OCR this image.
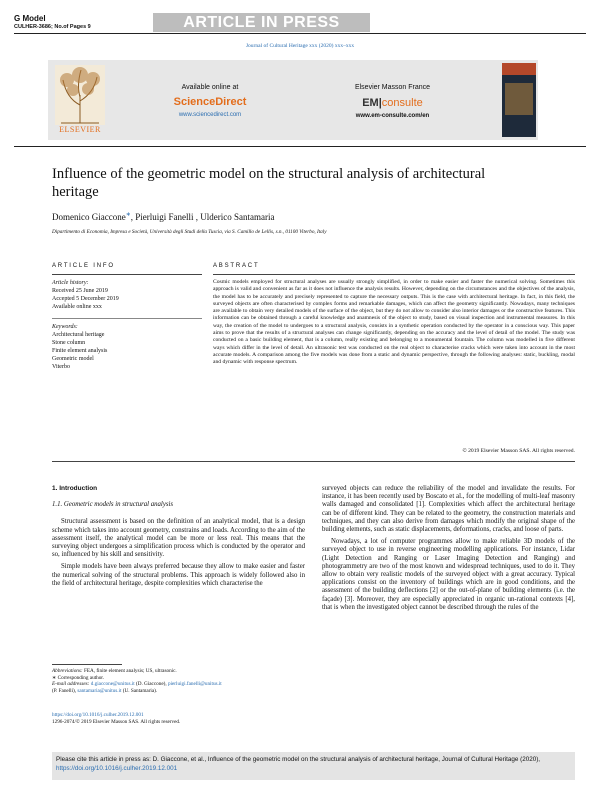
G Model
CULHER-3686; No.of Pages 9	ARTICLE IN PRESS
Journal of Cultural Heritage xxx (2020) xxx–xxx
ELSEVIER
Available online at
ScienceDirect
www.sciencedirect.com
Elsevier Masson France
EM|consulte
www.em-consulte.com/en
Influence of the geometric model on the structural analysis of architectural heritage
Domenico Giaccone∗, Pierluigi Fanelli , Ulderico Santamaria
Dipartimento di Economia, Impresa e Società, Università degli Studi della Tuscia, via S. Camillo de Lellis, s.n., 01100 Viterbo, Italy
ARTICLE INFO	ABSTRACT
Article history:
Received 25 June 2019
Accepted 5 December 2019
Available online xxx
Keywords:
Architectural heritage
Stone column
Finite element analysis
Geometric model
Viterbo
Cosmic models employed for structural analyses are usually strongly simplified, in order to make easier and faster the numerical solving. Sometimes this approach is valid and convenient as far as it does not influence the analysis results. However, depending on the circumstances and the objectives of the analysis, the model has to be accurately and precisely represented to capture the necessary outputs. This is the case with architectural heritage. In fact, in this field, the surveyed objects are often characterised by complex forms and remarkable damages, which can affect the geometry significantly. Nowadays, many techniques are available to obtain very detailed models of the surface of the object, but they do not allow to consider also interior damages or the constructive features. This information can be obtained through a careful knowledge and anamnesis of the object to study, based on visual inspection and instrumental measures. In this way, the creation of the model to undergoes to a structural analysis, consists in a synthetic operation conducted by the operator in a conscious way. This paper aims to prove that the results of a structural analyses can change significantly, depending on the accuracy and the level of detail of the model. The study was conducted on a basic building element, that is a column, really existing and belonging to a monumental fountain. The column was modelled in five different ways which differ in the level of detail. An ultrasonic test was conducted on the real object to characterise cracks which were taken into account in the most accurate models. A comparison among the five models was done from a static and dynamic perspective, through the following analyses: static, buckling, modal and dynamic with response spectrum.
© 2019 Elsevier Masson SAS. All rights reserved.
1. Introduction
1.1. Geometric models in structural analysis

Structural assessment is based on the definition of an analytical model, that is a design scheme which takes into account geometry, constrains and loads. According to the aim of the assessment itself, the analytical model can be more or less real. This means that the surveying object undergoes a simplification process which is conducted by the operator and so, influenced by his skill and sensitivity.

Simple models have been always preferred because they allow to make easier and faster the numerical solving of the structural problems. This approach is widely followed also in the field of architectural heritage, despite complexities which characterise the

surveyed objects can reduce the reliability of the model and invalidate the results. For instance, it has been recently used by Boscato et al., for the modelling of multi-leaf masonry walls damaged and consolidated [1]. Complexities which affect the architectural heritage can be of different kind. They can be related to the geometry, the construction materials and techniques, and they can also derive from damages which modify the original shape of the building elements, such as static displacements, deformations, cracks, and loose of parts.

Nowadays, a lot of computer programmes allow to make reliable 3D models of the surveyed object to use in reverse engineering modelling applications. For instance, Lidar (Light Detection and Ranging or Laser Imaging Detection and Ranging) and photogrammetry are two of the most known and widespread techniques, used to do it. They allow to obtain very realistic models of the surveyed object with a great accuracy. Typical applications consist on the inventory of buildings which are in good conditions, and the assessment of the building deflections [2] or the out-of-plane of building elements (i.e. the façade) [3]. Moreover, they are especially appreciated in organic un-rational contexts [4], that is when the investigated object cannot be described through the rules of the

Abbreviations: FEA, finite element analysis; US, ultrasonic.
∗ Corresponding author.
E-mail addresses: d.giaccone@unitus.it (D. Giaccone), pierluigi.fanelli@unitus.it
(P. Fanelli), santamaria@unitus.it (U. Santamaria).
https://doi.org/10.1016/j.culher.2019.12.001
1296-2074/© 2019 Elsevier Masson SAS. All rights reserved.
Please cite this article in press as: D. Giaccone, et al., Influence of the geometric model on the structural analysis of architectural heritage, Journal of Cultural Heritage (2020), https://doi.org/10.1016/j.culher.2019.12.001
